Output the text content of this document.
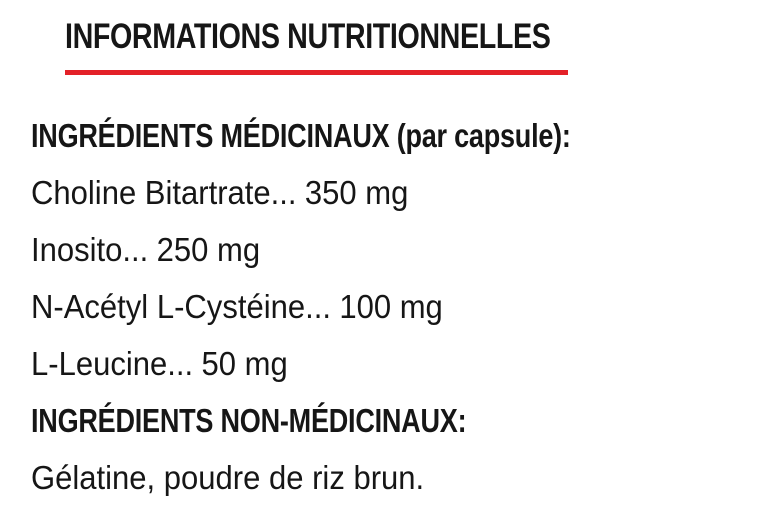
INFORMATIONS NUTRITIONNELLES
INGRÉDIENTS MÉDICINAUX (par capsule):
Choline Bitartrate... 350 mg
Inosito... 250 mg
N-Acétyl L-Cystéine... 100 mg
L-Leucine... 50 mg
INGRÉDIENTS NON-MÉDICINAUX:
Gélatine, poudre de riz brun.
